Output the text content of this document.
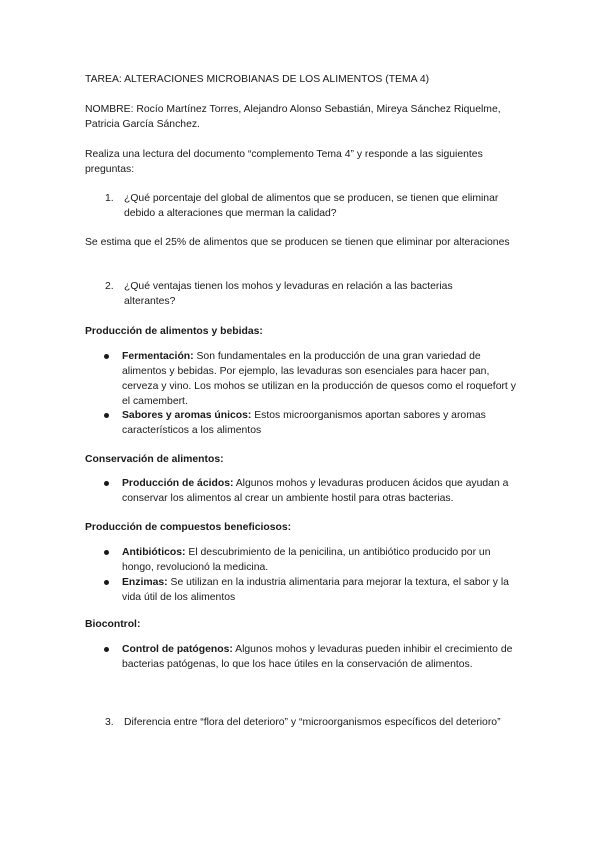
TAREA: ALTERACIONES MICROBIANAS DE LOS ALIMENTOS (TEMA 4)

NOMBRE: Rocío Martínez Torres, Alejandro Alonso Sebastián, Mireya Sánchez Riquelme, Patricia García Sánchez.

Realiza una lectura del documento “complemento Tema 4” y responde a las siguientes preguntas:

1. ¿Qué porcentaje del global de alimentos que se producen, se tienen que eliminar debido a alteraciones que merman la calidad?

Se estima que el 25% de alimentos que se producen se tienen que eliminar por alteraciones

2. ¿Qué ventajas tienen los mohos y levaduras en relación a las bacterias alterantes?

Producción de alimentos y bebidas:

Fermentación: Son fundamentales en la producción de una gran variedad de alimentos y bebidas. Por ejemplo, las levaduras son esenciales para hacer pan, cerveza y vino. Los mohos se utilizan en la producción de quesos como el roquefort y el camembert.
Sabores y aromas únicos: Estos microorganismos aportan sabores y aromas característicos a los alimentos

Conservación de alimentos:

Producción de ácidos: Algunos mohos y levaduras producen ácidos que ayudan a conservar los alimentos al crear un ambiente hostil para otras bacterias.

Producción de compuestos beneficiosos:

Antibióticos: El descubrimiento de la penicilina, un antibiótico producido por un hongo, revolucionó la medicina.
Enzimas: Se utilizan en la industria alimentaria para mejorar la textura, el sabor y la vida útil de los alimentos

Biocontrol:

Control de patógenos: Algunos mohos y levaduras pueden inhibir el crecimiento de bacterias patógenas, lo que los hace útiles en la conservación de alimentos.
3. Diferencia entre “flora del deterioro” y “microorganismos específicos del deterioro”
